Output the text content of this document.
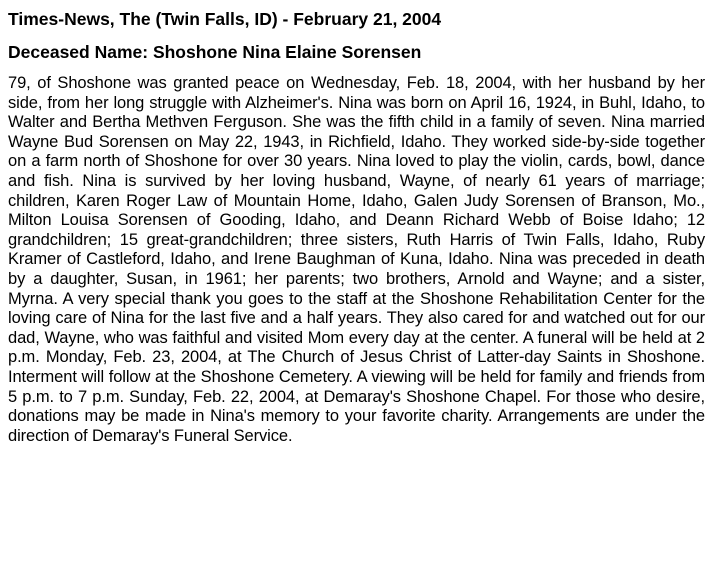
Times-News, The (Twin Falls, ID) - February 21, 2004
Deceased Name: Shoshone Nina Elaine Sorensen

79, of Shoshone was granted peace on Wednesday, Feb. 18, 2004, with her husband by her side, from her long struggle with Alzheimer's. Nina was born on April 16, 1924, in Buhl, Idaho, to Walter and Bertha Methven Ferguson. She was the fifth child in a family of seven. Nina married Wayne Bud Sorensen on May 22, 1943, in Richfield, Idaho. They worked side-by-side together on a farm north of Shoshone for over 30 years. Nina loved to play the violin, cards, bowl, dance and fish. Nina is survived by her loving husband, Wayne, of nearly 61 years of marriage; children, Karen Roger Law of Mountain Home, Idaho, Galen Judy Sorensen of Branson, Mo., Milton Louisa Sorensen of Gooding, Idaho, and Deann Richard Webb of Boise Idaho; 12 grandchildren; 15 great-grandchildren; three sisters, Ruth Harris of Twin Falls, Idaho, Ruby Kramer of Castleford, Idaho, and Irene Baughman of Kuna, Idaho. Nina was preceded in death by a daughter, Susan, in 1961; her parents; two brothers, Arnold and Wayne; and a sister, Myrna. A very special thank you goes to the staff at the Shoshone Rehabilitation Center for the loving care of Nina for the last five and a half years. They also cared for and watched out for our dad, Wayne, who was faithful and visited Mom every day at the center. A funeral will be held at 2 p.m. Monday, Feb. 23, 2004, at The Church of Jesus Christ of Latter-day Saints in Shoshone. Interment will follow at the Shoshone Cemetery. A viewing will be held for family and friends from 5 p.m. to 7 p.m. Sunday, Feb. 22, 2004, at Demaray's Shoshone Chapel. For those who desire, donations may be made in Nina's memory to your favorite charity. Arrangements are under the direction of Demaray's Funeral Service.
